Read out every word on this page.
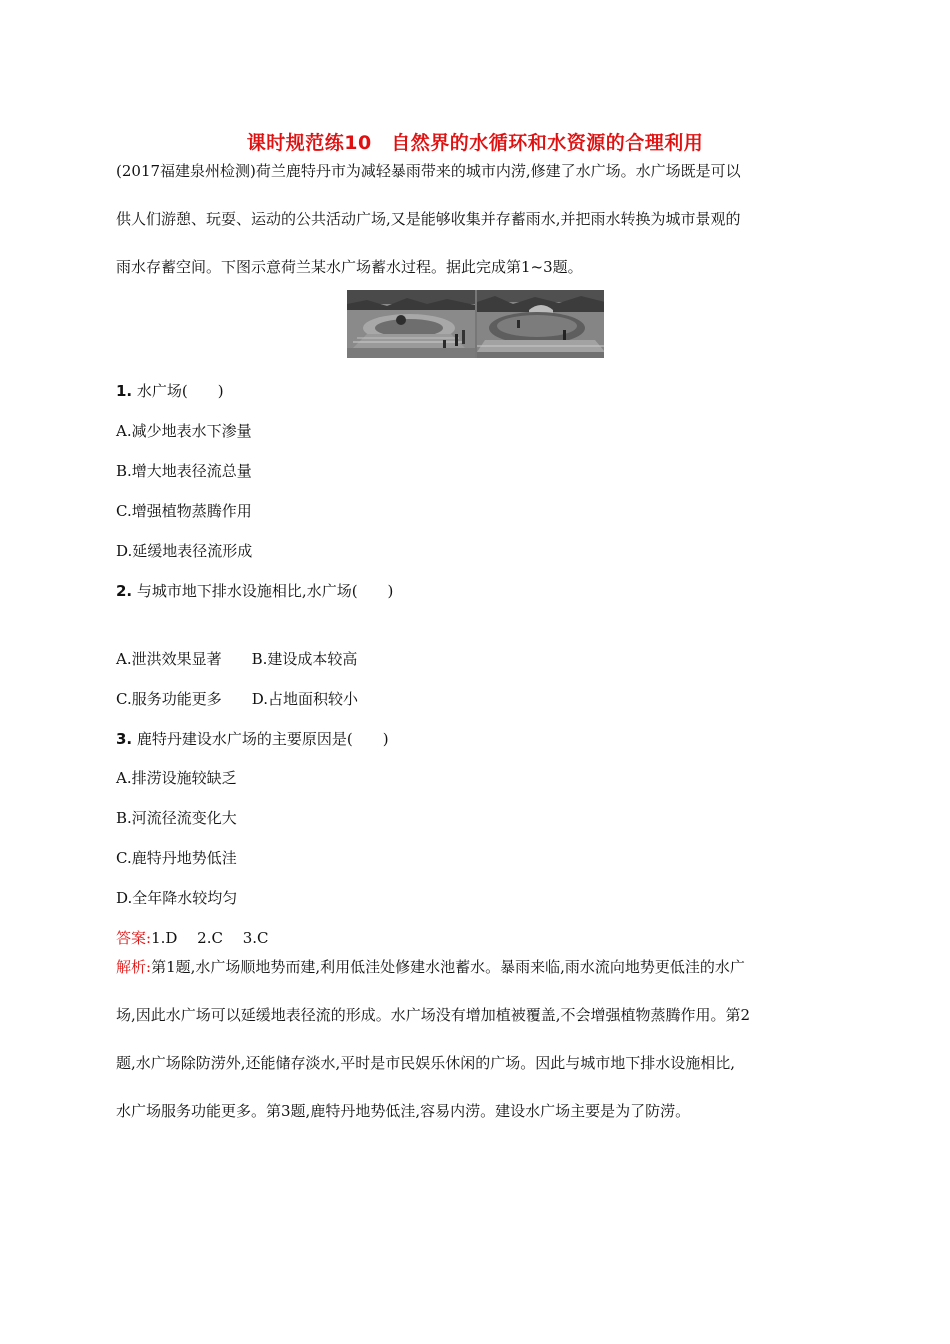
课时规范练10　自然界的水循环和水资源的合理利用

(2017福建泉州检测)荷兰鹿特丹市为减轻暴雨带来的城市内涝,修建了水广场。水广场既是可以

供人们游憩、玩耍、运动的公共活动广场,又是能够收集并存蓄雨水,并把雨水转换为城市景观的

雨水存蓄空间。下图示意荷兰某水广场蓄水过程。据此完成第1~3题。

1. 水广场(　　)
A.减少地表水下渗量
B.增大地表径流总量
C.增强植物蒸腾作用
D.延缓地表径流形成
2. 与城市地下排水设施相比,水广场(　　)
A.泄洪效果显著 B.建设成本较高
C.服务功能更多 D.占地面积较小
3. 鹿特丹建设水广场的主要原因是(　　)
A.排涝设施较缺乏
B.河流径流变化大
C.鹿特丹地势低洼
D.全年降水较均匀
答案:1.D　 2.C　 3.C

解析:第1题,水广场顺地势而建,利用低洼处修建水池蓄水。暴雨来临,雨水流向地势更低洼的水广

场,因此水广场可以延缓地表径流的形成。水广场没有增加植被覆盖,不会增强植物蒸腾作用。第2

题,水广场除防涝外,还能储存淡水,平时是市民娱乐休闲的广场。因此与城市地下排水设施相比,

水广场服务功能更多。第3题,鹿特丹地势低洼,容易内涝。建设水广场主要是为了防涝。
